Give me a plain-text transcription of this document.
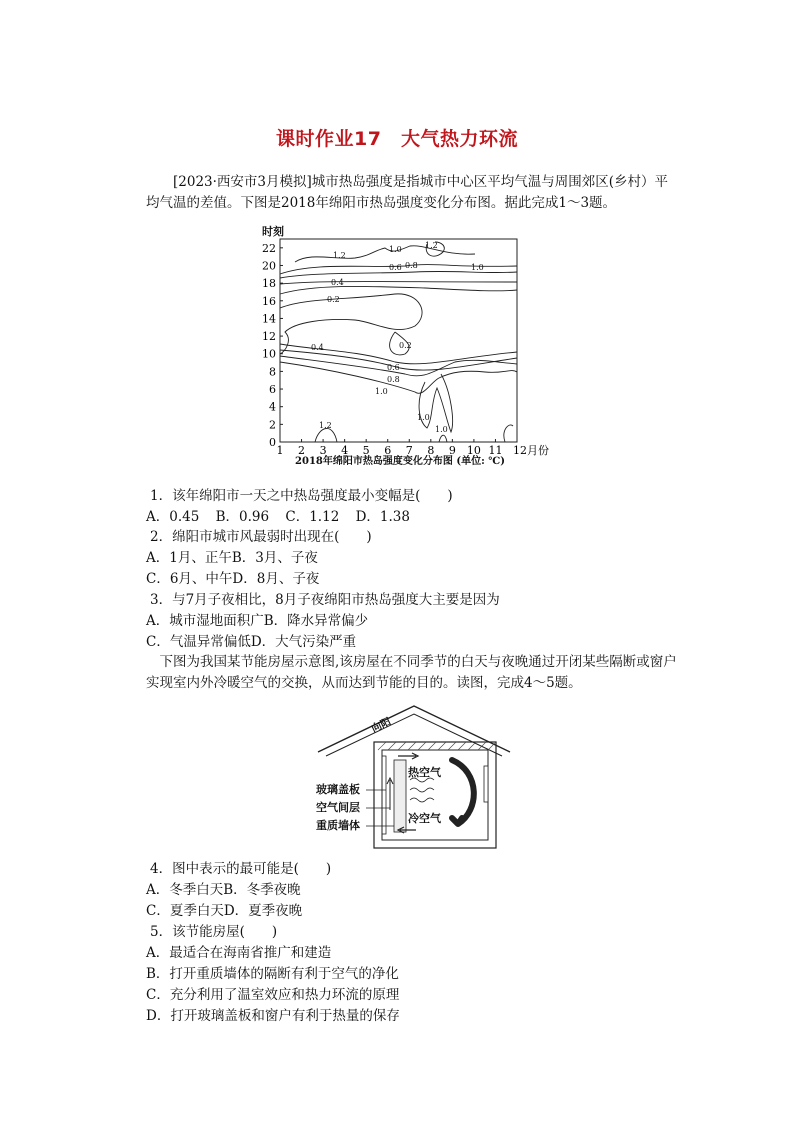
课时作业17　大气热力环流
[2023·西安市3月模拟]城市热岛强度是指城市中心区平均气温与周围郊区(乡村）平均气温的差值。下图是2018年绵阳市热岛强度变化分布图。据此完成1～3题。
时刻
0
2
4
6
8
10
12
14
16
18
20
22
1 2 3 4 5 6 7 8 9 10 11 12月份
1.2
1.0
0.8
1.2
0.6	1.0
0.4
0.2
0.2
0.4
0.6
0.8
1.0
1.0
1.2	1.0
2018年绵阳市热岛强度变化分布图 (单位: ℃)
1．该年绵阳市一天之中热岛强度最小变幅是(　　)
A．0.45 B．0.96 C．1.12 D．1.38
2．绵阳市城市风最弱时出现在(　　)
A．1月、正午B．3月、子夜
C．6月、中午D．8月、子夜
3．与7月子夜相比，8月子夜绵阳市热岛强度大主要是因为
A．城市湿地面积广B．降水异常偏少
C．气温异常偏低D．大气污染严重
下图为我国某节能房屋示意图,该房屋在不同季节的白天与夜晚通过开闭某些隔断或窗户实现室内外冷暖空气的交换，从而达到节能的目的。读图，完成4～5题。
向阳
热空气
冷空气
玻璃盖板
空气间层
重质墙体
4．图中表示的最可能是(　　)
A．冬季白天B．冬季夜晚
C．夏季白天D．夏季夜晚
5．该节能房屋(　　)
A．最适合在海南省推广和建造
B．打开重质墙体的隔断有利于空气的净化
C．充分利用了温室效应和热力环流的原理
D．打开玻璃盖板和窗户有利于热量的保存
